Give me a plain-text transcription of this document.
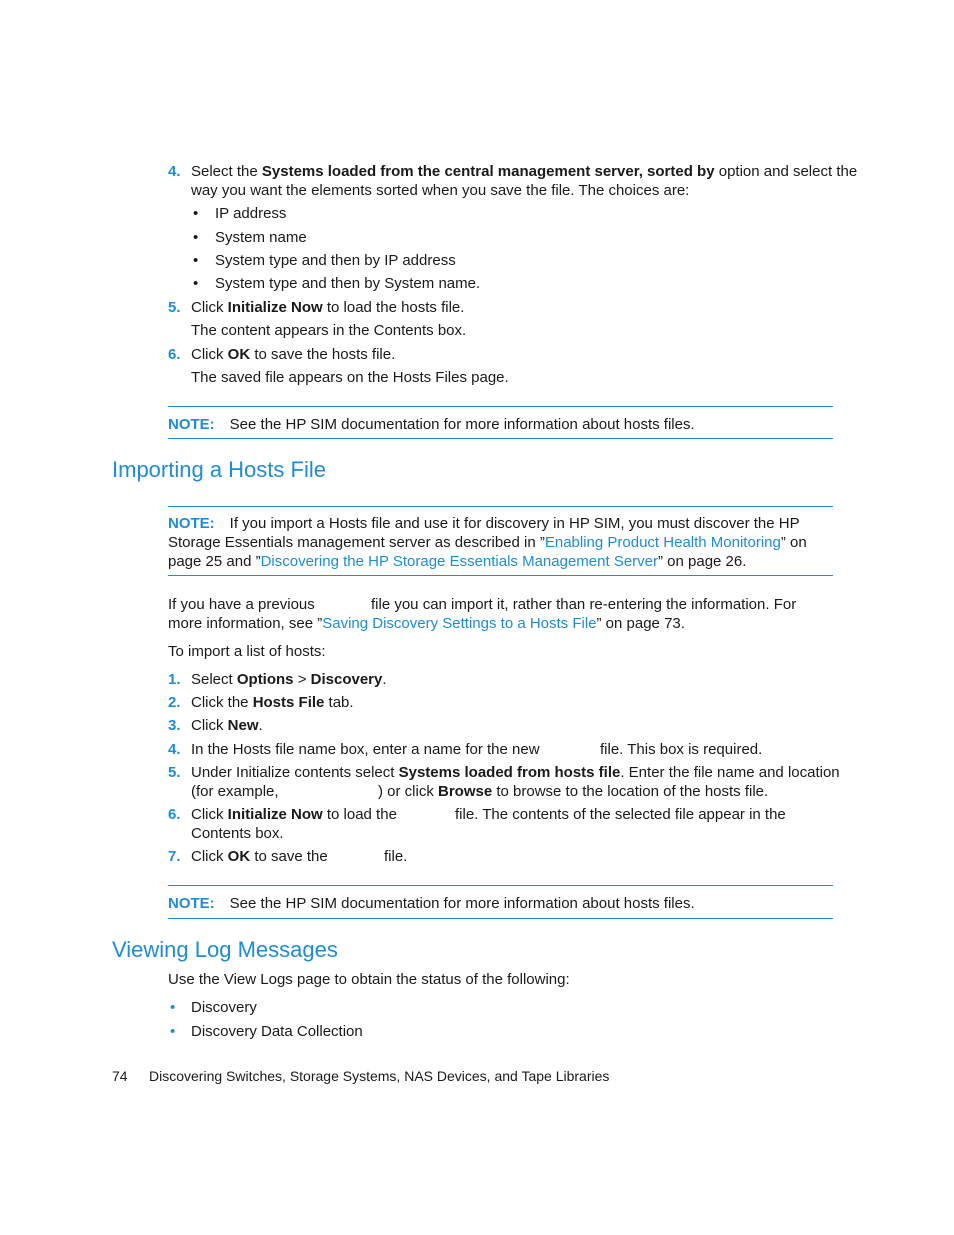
4. Select the Systems loaded from the central management server, sorted by option and select the
way you want the elements sorted when you save the file. The choices are:
• IP address
• System name
• System type and then by IP address
• System type and then by System name.
5. Click Initialize Now to load the hosts file.
The content appears in the Contents box.
6. Click OK to save the hosts file.
The saved file appears on the Hosts Files page.
NOTE: See the HP SIM documentation for more information about hosts files.
Importing a Hosts File
NOTE: If you import a Hosts file and use it for discovery in HP SIM, you must discover the HP
Storage Essentials management server as described in ”Enabling Product Health Monitoring” on
page 25 and ”Discovering the HP Storage Essentials Management Server” on page 26.
If you have a previous	file you can import it, rather than re-entering the information. For
more information, see ”Saving Discovery Settings to a Hosts File” on page 73.
To import a list of hosts:
1. Select Options > Discovery.
2. Click the Hosts File tab.
3. Click New.
4. In the Hosts file name box, enter a name for the new	file. This box is required.
5. Under Initialize contents select Systems loaded from hosts file. Enter the file name and location
(for example,	) or click Browse to browse to the location of the hosts file.
6. Click Initialize Now to load the	file. The contents of the selected file appear in the
Contents box.
7. Click OK to save the	file.
NOTE: See the HP SIM documentation for more information about hosts files.
Viewing Log Messages
Use the View Logs page to obtain the status of the following:
• Discovery
• Discovery Data Collection
74 Discovering Switches, Storage Systems, NAS Devices, and Tape Libraries
